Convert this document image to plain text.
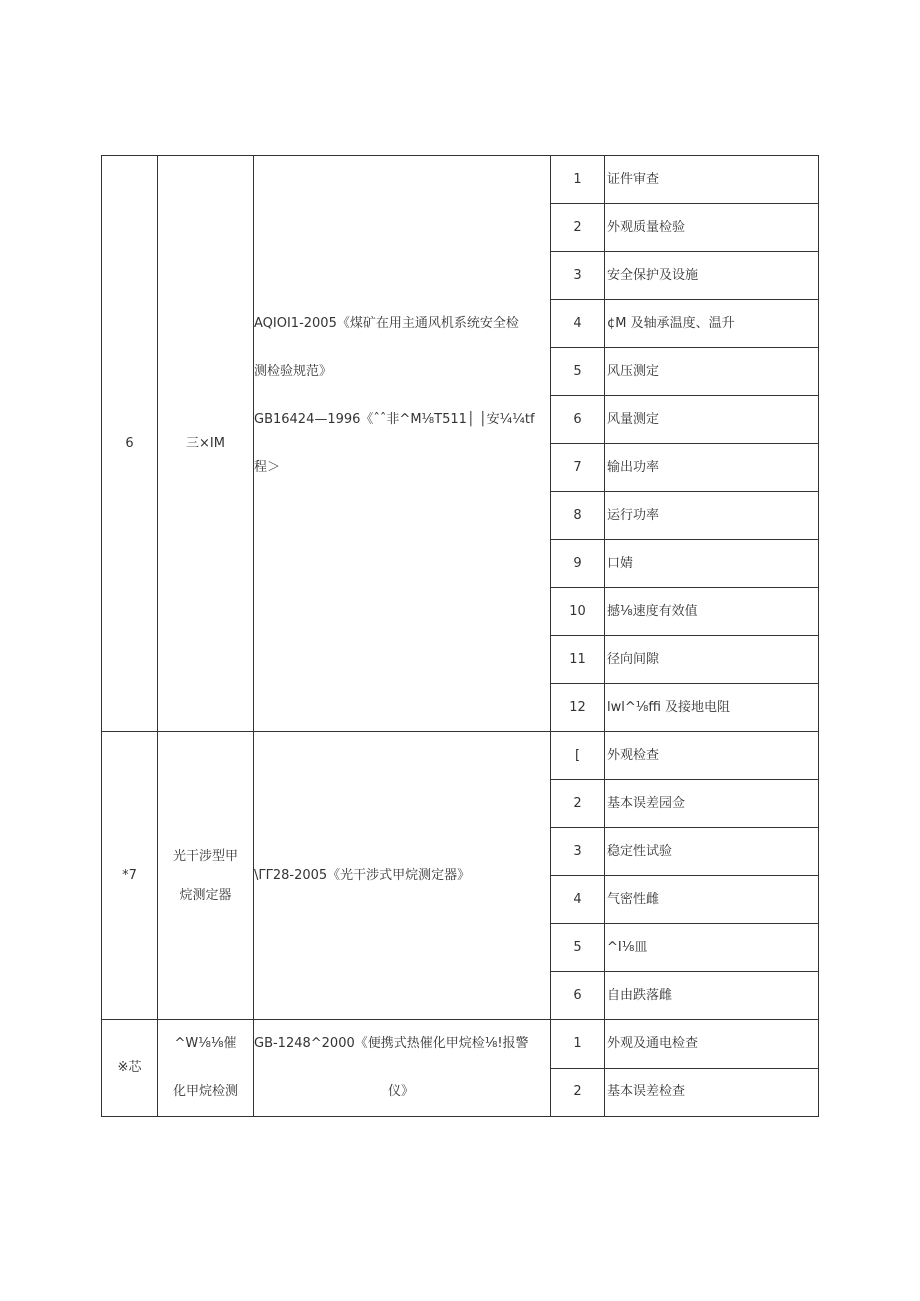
6	三×IM	AQIOI1-2005《煤矿在用主通风机系统安全检
测检验规范》
GB16424—1996《ˆˆ非^M⅛T511│ │安¼¼tf
程＞	1	证件审查
			2	外观质量检验
			3	安全保护及设施
			4	¢M 及轴承温度、温升
			5	风压测定
			6	风量测定
			7	输出功率
			8	运行功率
			9	口婧
			10	撼⅛速度有效值
			11	径向间隙
			12	lwl^⅛ffi 及接地电阻
*7	光干涉型甲
烷测定器	\ΓΓ28-2005《光干涉式甲烷测定器》	[	外观检查
			2	基本误差园佥
			3	稳定性试验
			4	气密性雌
			5	^I⅛皿
			6	自由跌落雌
※芯	^W⅛⅛催
化甲烷检测	GB-1248^2000《便携式热催化甲烷检⅛!报警
仪》	1	外观及通电检查
			2	基本误差检查
